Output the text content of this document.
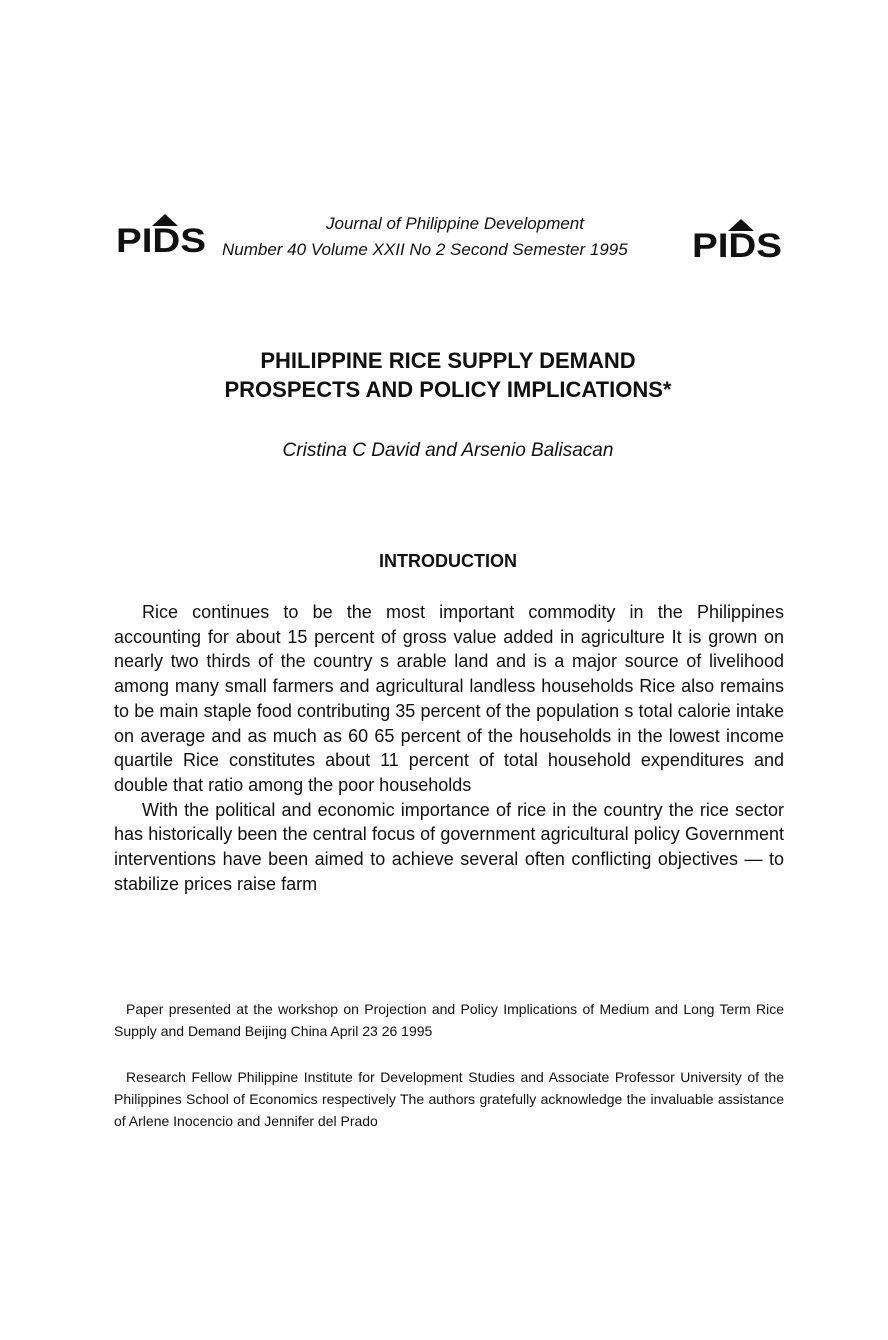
PIDS	Journal of Philippine Development
Number 40 Volume XXII No 2 Second Semester 1995	PIDS
PHILIPPINE RICE SUPPLY DEMAND
PROSPECTS AND POLICY IMPLICATIONS*
Cristina C David and Arsenio Balisacan
INTRODUCTION

Rice continues to be the most important commodity in the Philippines accounting for about 15 percent of gross value added in agriculture It is grown on nearly two thirds of the country s arable land and is a major source of livelihood among many small farmers and agricultural landless households Rice also remains to be main staple food contributing 35 percent of the population s total calorie intake on average and as much as 60 65 percent of the households in the lowest income quartile Rice constitutes about 11 percent of total household expenditures and double that ratio among the poor households

With the political and economic importance of rice in the country the rice sector has historically been the central focus of government agricultural policy Government interventions have been aimed to achieve several often conflicting objectives — to stabilize prices raise farm

Paper presented at the workshop on Projection and Policy Implications of Medium and Long Term Rice Supply and Demand Beijing China April 23 26 1995

Research Fellow Philippine Institute for Development Studies and Associate Professor University of the Philippines School of Economics respectively The authors gratefully acknowledge the invaluable assistance of Arlene Inocencio and Jennifer del Prado
